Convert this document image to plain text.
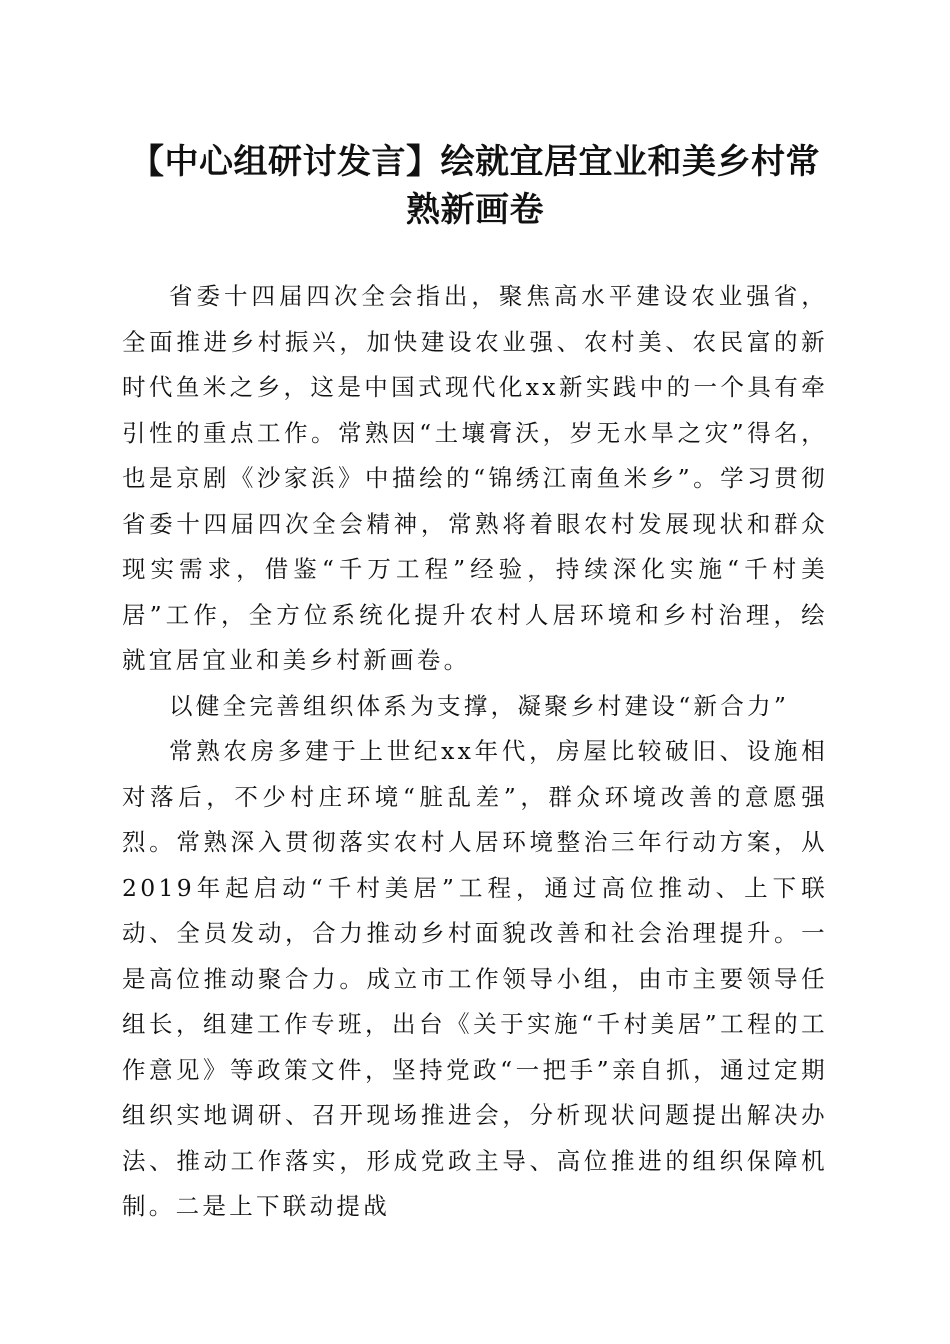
【中心组研讨发言】绘就宜居宜业和美乡村常熟新画卷

省委十四届四次全会指出，聚焦高水平建设农业强省，全面推进乡村振兴，加快建设农业强、农村美、农民富的新时代鱼米之乡，这是中国式现代化xx新实践中的一个具有牵引性的重点工作。常熟因“土壤膏沃，岁无水旱之灾”得名，也是京剧《沙家浜》中描绘的“锦绣江南鱼米乡”。学习贯彻省委十四届四次全会精神，常熟将着眼农村发展现状和群众现实需求，借鉴“千万工程”经验，持续深化实施“千村美居”工作，全方位系统化提升农村人居环境和乡村治理，绘就宜居宜业和美乡村新画卷。

以健全完善组织体系为支撑，凝聚乡村建设“新合力”

常熟农房多建于上世纪xx年代，房屋比较破旧、设施相对落后，不少村庄环境“脏乱差”，群众环境改善的意愿强烈。常熟深入贯彻落实农村人居环境整治三年行动方案，从2019年起启动“千村美居”工程，通过高位推动、上下联动、全员发动，合力推动乡村面貌改善和社会治理提升。一是高位推动聚合力。成立市工作领导小组，由市主要领导任组长，组建工作专班，出台《关于实施“千村美居”工程的工作意见》等政策文件，坚持党政“一把手”亲自抓，通过定期组织实地调研、召开现场推进会，分析现状问题提出解决办法、推动工作落实，形成党政主导、高位推进的组织保障机制。二是上下联动提战
